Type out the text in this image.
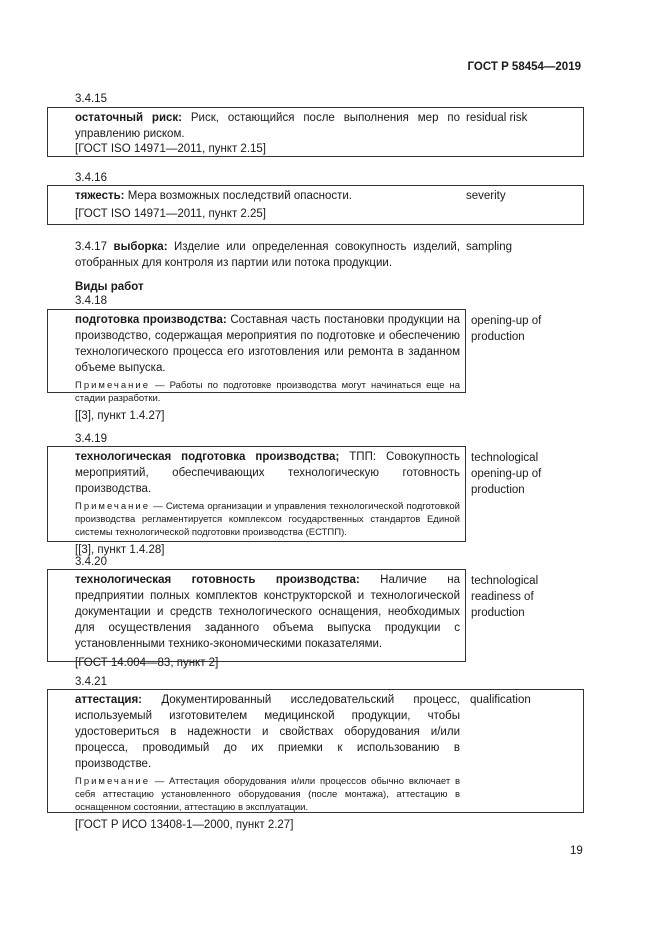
ГОСТ Р 58454—2019
3.4.15
остаточный риск: Риск, остающийся после выполнения мер по управлению риском.
[ГОСТ ISO 14971—2011, пункт 2.15]
residual risk
3.4.16
тяжесть: Мера возможных последствий опасности.
[ГОСТ ISO 14971—2011, пункт 2.25]
severity
3.4.17 выборка: Изделие или определенная совокупность изделий, отобранных для контроля из партии или потока продукции.
sampling
Виды работ
3.4.18
подготовка производства: Составная часть постановки продукции на производство, содержащая мероприятия по подготовке и обеспечению технологического процесса его изготовления или ремонта в заданном объеме выпуска.
Примечание — Работы по подготовке производства могут начинаться еще на стадии разработки.
[[3], пункт 1.4.27]
opening-up of production
3.4.19
технологическая подготовка производства; ТПП: Совокупность мероприятий, обеспечивающих технологическую готовность производства.
Примечание — Система организации и управления технологической подготовкой производства регламентируется комплексом государственных стандартов Единой системы технологической подготовки производства (ЕСТПП).
[[3], пункт 1.4.28]
technological opening-up of production
3.4.20
технологическая готовность производства: Наличие на предприятии полных комплектов конструкторской и технологической документации и средств технологического оснащения, необходимых для осуществления заданного объема выпуска продукции с установленными технико-экономическими показателями.
[ГОСТ 14.004—83, пункт 2]
technological readiness of production
3.4.21
аттестация: Документированный исследовательский процесс, используемый изготовителем медицинской продукции, чтобы удостовериться в надежности и свойствах оборудования и/или процесса, проводимый до их приемки к использованию в производстве.
Примечание — Аттестация оборудования и/или процессов обычно включает в себя аттестацию установленного оборудования (после монтажа), аттестацию в оснащенном состоянии, аттестацию в эксплуатации.
[ГОСТ Р ИСО 13408-1—2000, пункт 2.27]
qualification
19
